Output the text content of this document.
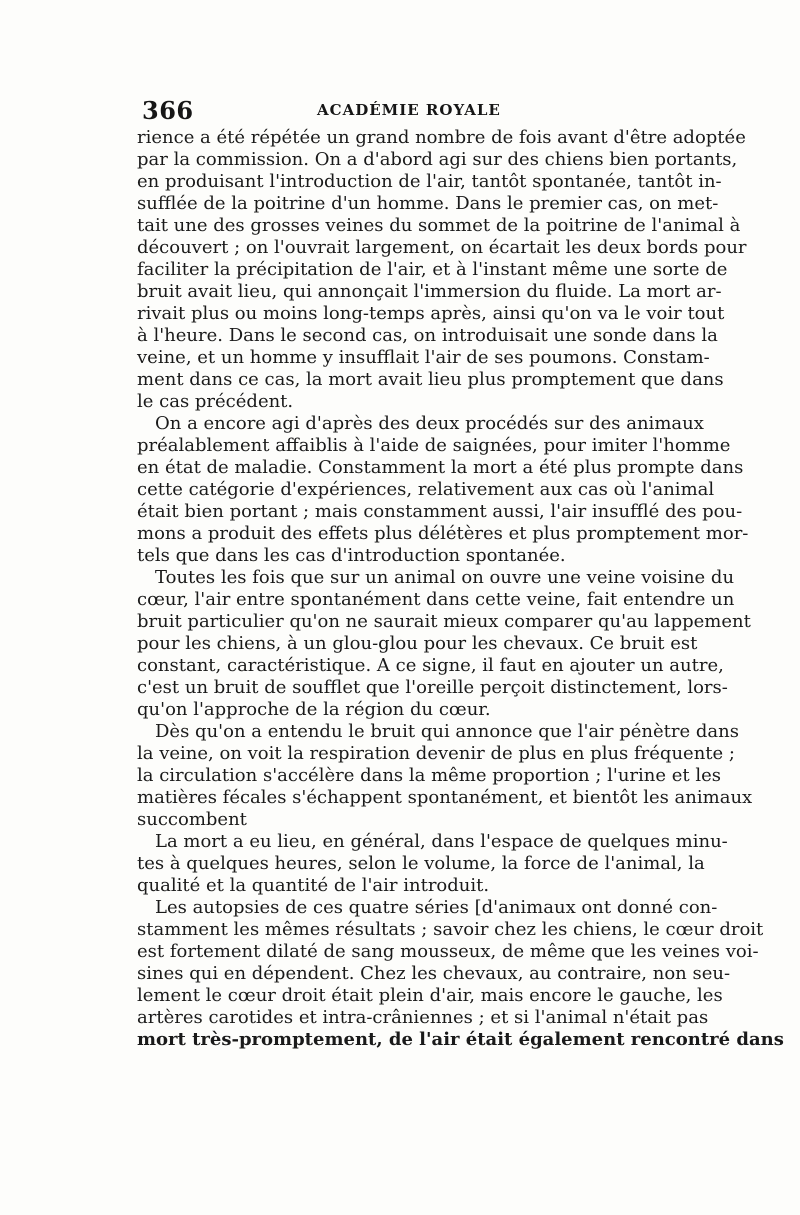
366	ACADÉMIE ROYALE

rience a été répétée un grand nombre de fois avant d'être adoptée
par la commission. On a d'abord agi sur des chiens bien portants,
en produisant l'introduction de l'air, tantôt spontanée, tantôt in-
sufflée de la poitrine d'un homme. Dans le premier cas, on met-
tait une des grosses veines du sommet de la poitrine de l'animal à
découvert ; on l'ouvrait largement, on écartait les deux bords pour
faciliter la précipitation de l'air, et à l'instant même une sorte de
bruit avait lieu, qui annonçait l'immersion du fluide. La mort ar-
rivait plus ou moins long-temps après, ainsi qu'on va le voir tout
à l'heure. Dans le second cas, on introduisait une sonde dans la
veine, et un homme y insufflait l'air de ses poumons. Constam-
ment dans ce cas, la mort avait lieu plus promptement que dans
le cas précédent.

On a encore agi d'après des deux procédés sur des animaux
préalablement affaiblis à l'aide de saignées, pour imiter l'homme
en état de maladie. Constamment la mort a été plus prompte dans
cette catégorie d'expériences, relativement aux cas où l'animal
était bien portant ; mais constamment aussi, l'air insufflé des pou-
mons a produit des effets plus délétères et plus promptement mor-
tels que dans les cas d'introduction spontanée.

Toutes les fois que sur un animal on ouvre une veine voisine du
cœur, l'air entre spontanément dans cette veine, fait entendre un
bruit particulier qu'on ne saurait mieux comparer qu'au lappement
pour les chiens, à un glou-glou pour les chevaux. Ce bruit est
constant, caractéristique. A ce signe, il faut en ajouter un autre,
c'est un bruit de soufflet que l'oreille perçoit distinctement, lors-
qu'on l'approche de la région du cœur.

Dès qu'on a entendu le bruit qui annonce que l'air pénètre dans
la veine, on voit la respiration devenir de plus en plus fréquente ;
la circulation s'accélère dans la même proportion ; l'urine et les
matières fécales s'échappent spontanément, et bientôt les animaux
succombent

La mort a eu lieu, en général, dans l'espace de quelques minu-
tes à quelques heures, selon le volume, la force de l'animal, la
qualité et la quantité de l'air introduit.

Les autopsies de ces quatre séries [d'animaux ont donné con-
stamment les mêmes résultats ; savoir chez les chiens, le cœur droit
est fortement dilaté de sang mousseux, de même que les veines voi-
sines qui en dépendent. Chez les chevaux, au contraire, non seu-
lement le cœur droit était plein d'air, mais encore le gauche, les
artères carotides et intra-crâniennes ; et si l'animal n'était pas
mort très-promptement, de l'air était également rencontré dans
